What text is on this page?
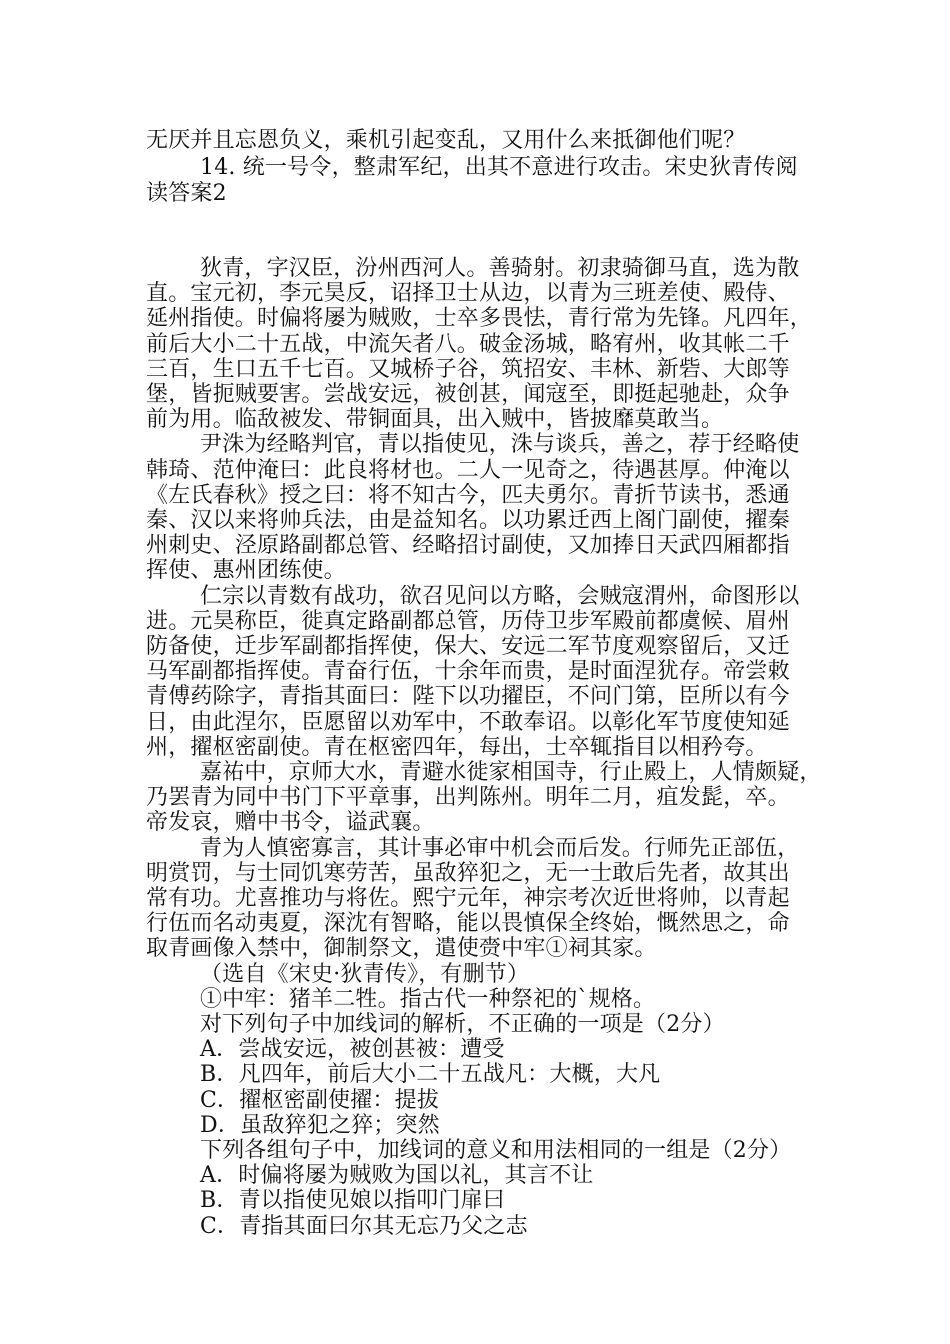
无厌并且忘恩负义，乘机引起变乱，又用什么来抵御他们呢？
14. 统一号令，整肃军纪，出其不意进行攻击。宋史狄青传阅
读答案2
狄青，字汉臣，汾州西河人。善骑射。初隶骑御马直，选为散
直。宝元初，李元昊反，诏择卫士从边，以青为三班差使、殿侍、
延州指使。时偏将屡为贼败，士卒多畏怯，青行常为先锋。凡四年，
前后大小二十五战，中流矢者八。破金汤城，略宥州，收其帐二千
三百，生口五千七百。又城桥子谷，筑招安、丰林、新砦、大郎等
堡，皆扼贼要害。尝战安远，被创甚，闻寇至，即挺起驰赴，众争
前为用。临敌被发、带铜面具，出入贼中，皆披靡莫敢当。
尹洙为经略判官，青以指使见，洙与谈兵，善之，荐于经略使
韩琦、范仲淹曰：此良将材也。二人一见奇之，待遇甚厚。仲淹以
《左氏春秋》授之曰：将不知古今，匹夫勇尔。青折节读书，悉通
秦、汉以来将帅兵法，由是益知名。以功累迁西上阁门副使，擢秦
州刺史、泾原路副都总管、经略招讨副使，又加捧日天武四厢都指
挥使、惠州团练使。
仁宗以青数有战功，欲召见问以方略，会贼寇渭州，命图形以
进。元昊称臣，徙真定路副都总管，历侍卫步军殿前都虞候、眉州
防备使，迁步军副都指挥使，保大、安远二军节度观察留后，又迁
马军副都指挥使。青奋行伍，十余年而贵，是时面涅犹存。帝尝敕
青傅药除字，青指其面曰：陛下以功擢臣，不问门第，臣所以有今
日，由此涅尔，臣愿留以劝军中，不敢奉诏。以彰化军节度使知延
州，擢枢密副使。青在枢密四年，每出，士卒辄指目以相矜夸。
嘉祐中，京师大水，青避水徙家相国寺，行止殿上，人情颇疑，
乃罢青为同中书门下平章事，出判陈州。明年二月，疽发髭，卒。
帝发哀，赠中书令，谥武襄。
青为人慎密寡言，其计事必审中机会而后发。行师先正部伍，
明赏罚，与士同饥寒劳苦，虽敌猝犯之，无一士敢后先者，故其出
常有功。尤喜推功与将佐。熙宁元年，神宗考次近世将帅，以青起
行伍而名动夷夏，深沈有智略，能以畏慎保全终始，慨然思之，命
取青画像入禁中，御制祭文，遣使赍中牢①祠其家。
（选自《宋史·狄青传》，有删节）
①中牢：猪羊二牲。指古代一种祭祀的`规格。
对下列句子中加线词的解析，不正确的一项是（2分）
A．尝战安远，被创甚被：遭受
B．凡四年，前后大小二十五战凡：大概，大凡
C．擢枢密副使擢：提拔
D．虽敌猝犯之猝；突然
下列各组句子中，加线词的意义和用法相同的一组是（2分）
A．时偏将屡为贼败为国以礼，其言不让
B．青以指使见娘以指叩门扉曰
C．青指其面曰尔其无忘乃父之志
